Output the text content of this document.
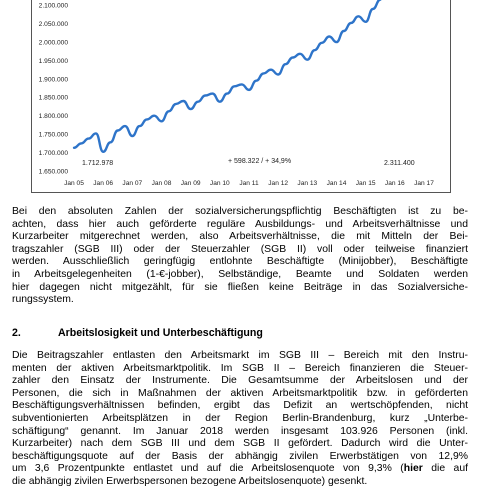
1.650.000
1.700.000
1.750.000
1.800.000
1.850.000
1.900.000
1.950.000
2.000.000
2.050.000
2.100.000
Jan 05 Jan 06 Jan 07 Jan 08 Jan 09 Jan 10 Jan 11 Jan 12 Jan 13 Jan 14 Jan 15 Jan 16 Jan 17
1.712.978	+ 598.322 / + 34,9%	2.311.400
Bei den absoluten Zahlen der sozialversicherungspflichtig Beschäftigten ist zu be-
achten, dass hier auch geförderte reguläre Ausbildungs- und Arbeitsverhältnisse und
Kurzarbeiter mitgerechnet werden, also Arbeitsverhältnisse, die mit Mitteln der Bei-
tragszahler (SGB III) oder der Steuerzahler (SGB II) voll oder teilweise finanziert
werden. Ausschließlich geringfügig entlohnte Beschäftigte (Minijobber), Beschäftigte
in Arbeitsgelegenheiten (1-€-jobber), Selbständige, Beamte und Soldaten werden
hier dagegen nicht mitgezählt, für sie fließen keine Beiträge in das Sozialversiche-
rungssystem.
2.	Arbeitslosigkeit und Unterbeschäftigung
Die Beitragszahler entlasten den Arbeitsmarkt im SGB III – Bereich mit den Instru-
menten der aktiven Arbeitsmarktpolitik. Im SGB II – Bereich finanzieren die Steuer-
zahler den Einsatz der Instrumente. Die Gesamtsumme der Arbeitslosen und der
Personen, die sich in Maßnahmen der aktiven Arbeitsmarktpolitik bzw. in geförderten
Beschäftigungsverhältnissen befinden, ergibt das Defizit an wertschöpfenden, nicht
subventionierten Arbeitsplätzen in der Region Berlin-Brandenburg, kurz „Unterbe-
schäftigung“ genannt. Im Januar 2018 werden insgesamt 103.926 Personen (inkl.
Kurzarbeiter) nach dem SGB III und dem SGB II gefördert. Dadurch wird die Unter-
beschäftigungsquote auf der Basis der abhängig zivilen Erwerbstätigen von 12,9%
um 3,6 Prozentpunkte entlastet und auf die Arbeitslosenquote von 9,3% (hier die auf
die abhängig zivilen Erwerbspersonen bezogene Arbeitslosenquote) gesenkt.
